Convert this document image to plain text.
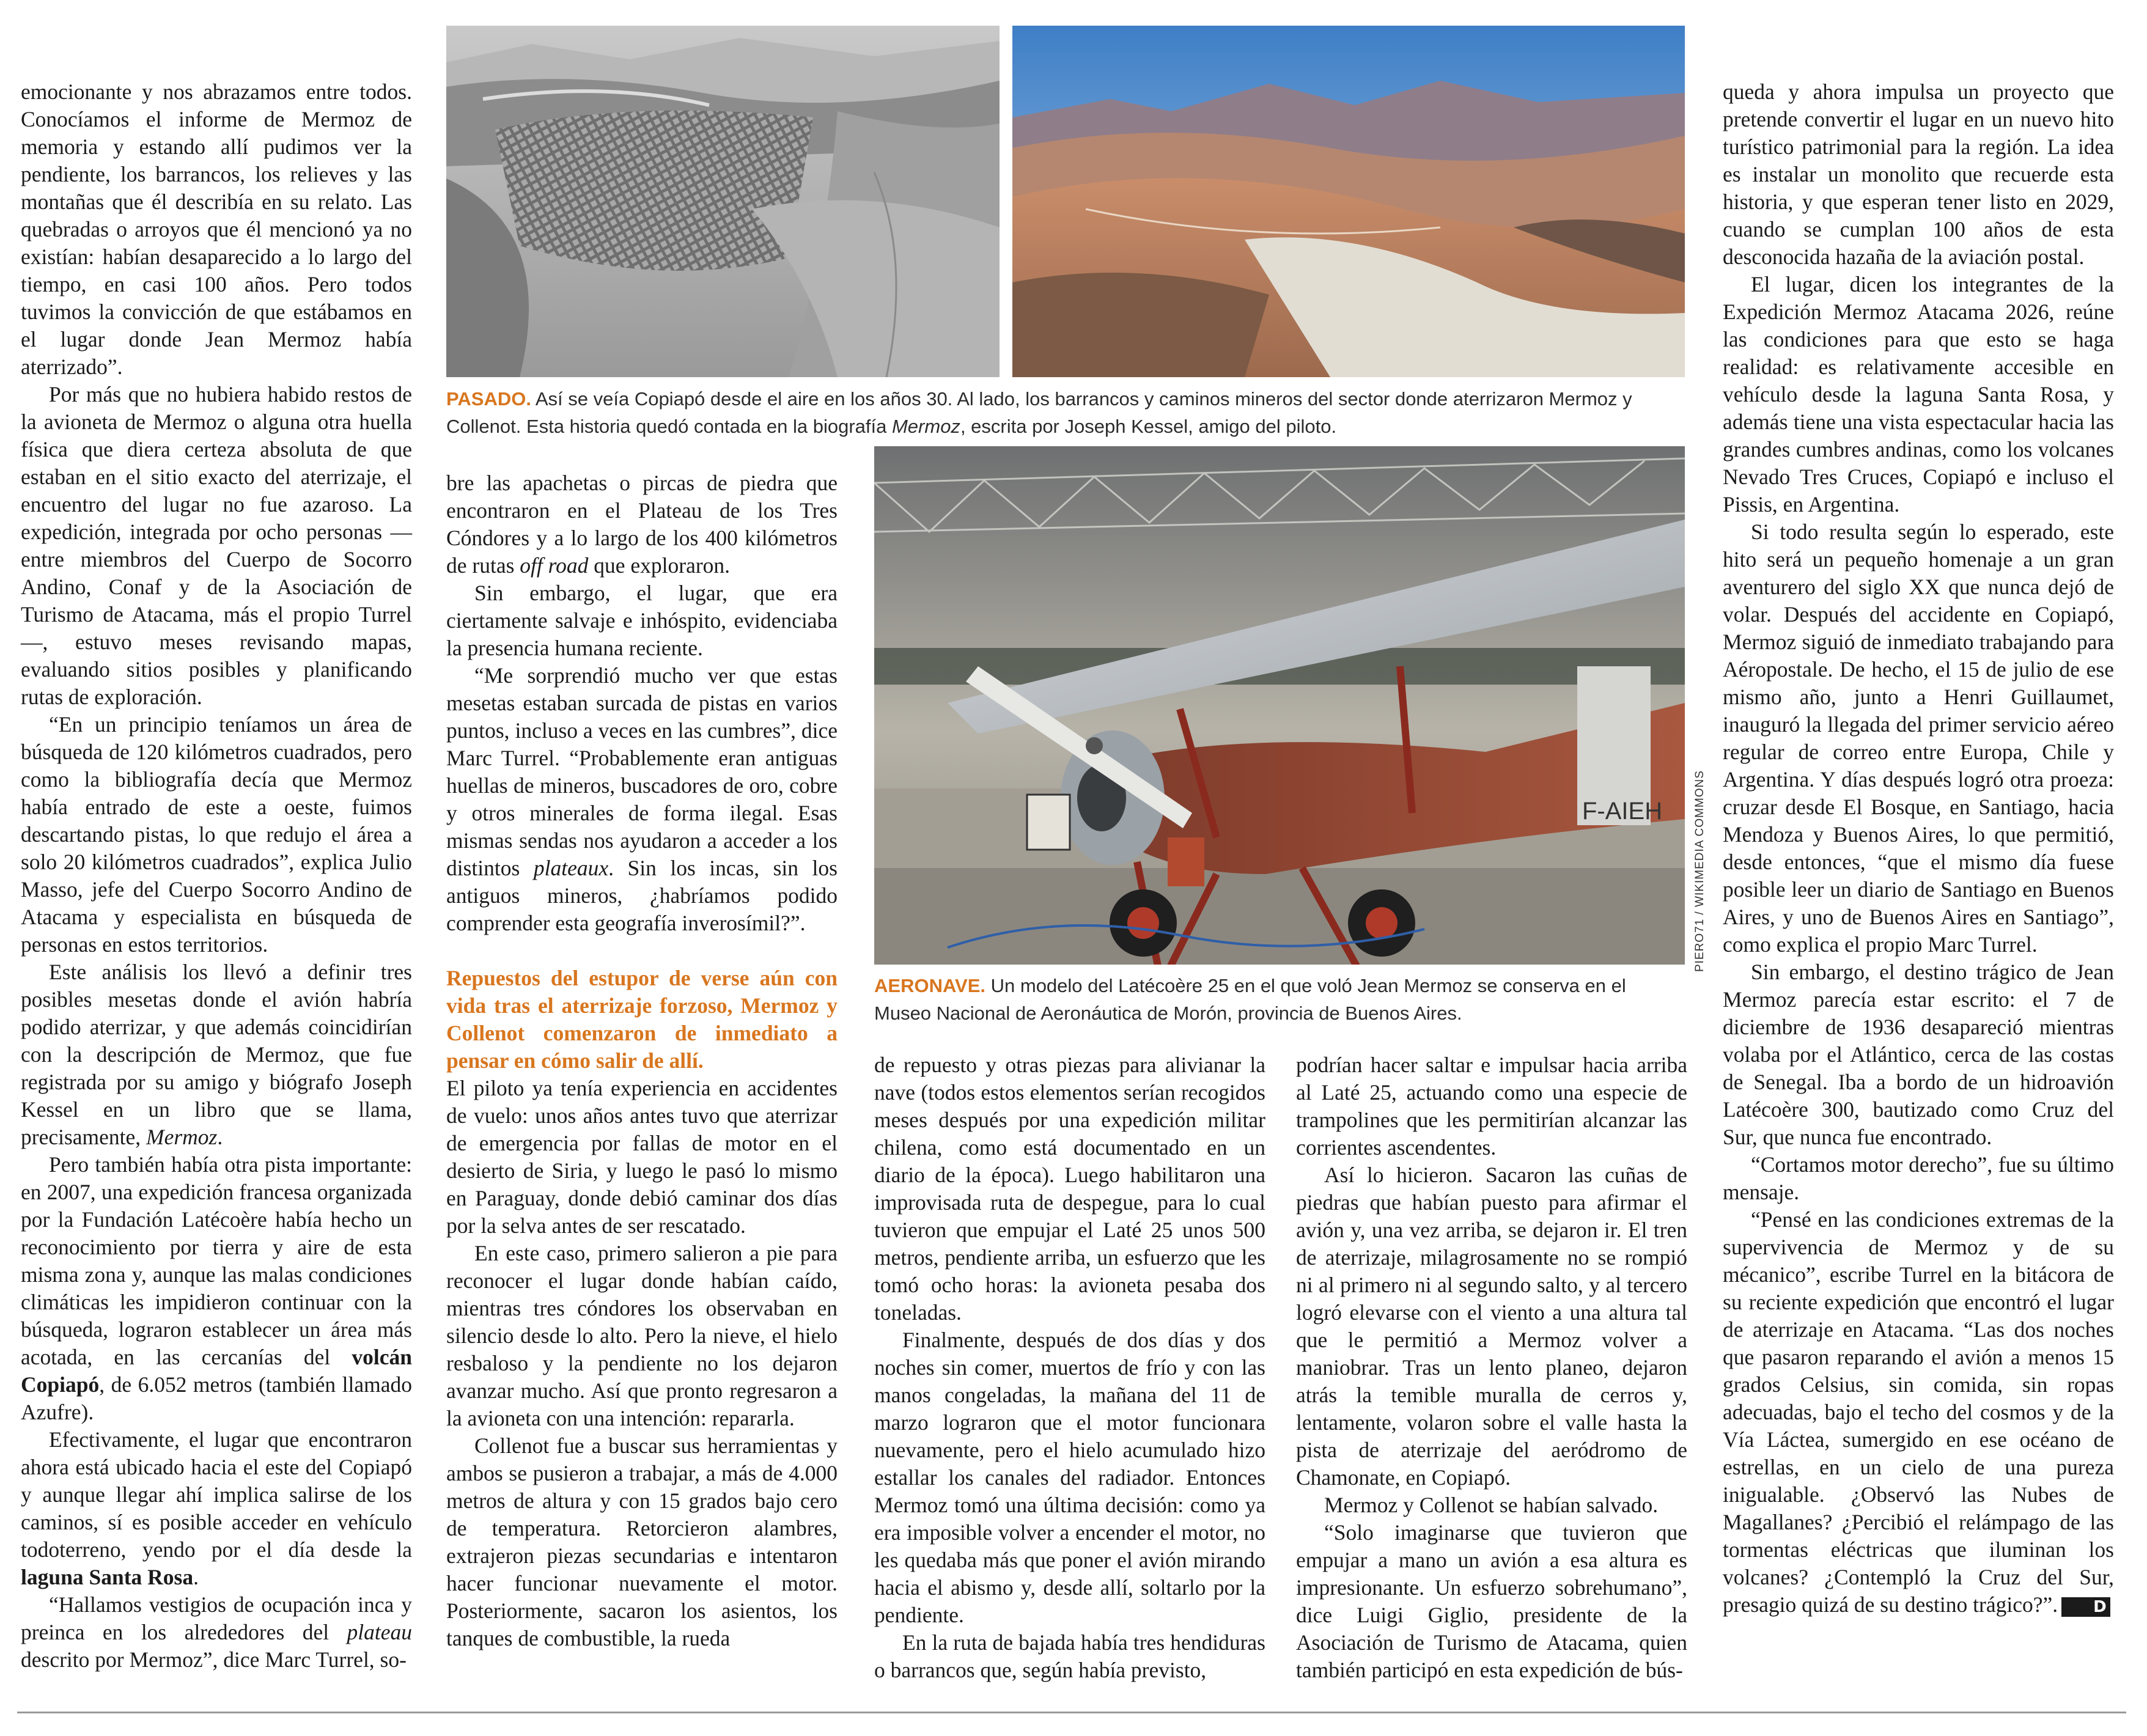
emocionante y nos abrazamos entre todos. Conocíamos el informe de Mermoz de memoria y estando allí pudimos ver la pendiente, los barrancos, los relieves y las montañas que él describía en su relato. Las quebradas o arroyos que él mencionó ya no existían: habían desaparecido a lo largo del tiempo, en casi 100 años. Pero todos tuvimos la convicción de que estábamos en el lugar donde Jean Mermoz había aterrizado”.

Por más que no hubiera habido restos de la avioneta de Mermoz o alguna otra huella física que diera certeza absoluta de que estaban en el sitio exacto del aterrizaje, el encuentro del lugar no fue azaroso. La expedición, integrada por ocho personas —entre miembros del Cuerpo de Socorro Andino, Conaf y de la Asociación de Turismo de Atacama, más el propio Turrel—, estuvo meses revisando mapas, evaluando sitios posibles y planificando rutas de exploración.

“En un principio teníamos un área de búsqueda de 120 kilómetros cuadrados, pero como la bibliografía decía que Mermoz había entrado de este a oeste, fuimos descartando pistas, lo que redujo el área a solo 20 kilómetros cuadrados”, explica Julio Masso, jefe del Cuerpo Socorro Andino de Atacama y especialista en búsqueda de personas en estos territorios.

Este análisis los llevó a definir tres posibles mesetas donde el avión habría podido aterrizar, y que además coincidirían con la descripción de Mermoz, que fue registrada por su amigo y biógrafo Joseph Kessel en un libro que se llama, precisamente, Mermoz.

Pero también había otra pista importante: en 2007, una expedición francesa organizada por la Fundación Latécoère había hecho un reconocimiento por tierra y aire de esta misma zona y, aunque las malas condiciones climáticas les impidieron continuar con la búsqueda, lograron establecer un área más acotada, en las cercanías del volcán Copiapó, de 6.052 metros (también llamado Azufre).

Efectivamente, el lugar que encontraron ahora está ubicado hacia el este del Copiapó y aunque llegar ahí implica salirse de los caminos, sí es posible acceder en vehículo todoterreno, yendo por el día desde la laguna Santa Rosa.

“Hallamos vestigios de ocupación inca y preinca en los alrededores del plateau descrito por Mermoz”, dice Marc Turrel, so-

PASADO. Así se veía Copiapó desde el aire en los años 30. Al lado, los barrancos y caminos mineros del sector donde aterrizaron Mermoz y Collenot. Esta historia quedó contada en la biografía Mermoz, escrita por Joseph Kessel, amigo del piloto.

bre las apachetas o pircas de piedra que encontraron en el Plateau de los Tres Cóndores y a lo largo de los 400 kilómetros de rutas off road que exploraron.

Sin embargo, el lugar, que era ciertamente salvaje e inhóspito, evidenciaba la presencia humana reciente.

“Me sorprendió mucho ver que estas mesetas estaban surcada de pistas en varios puntos, incluso a veces en las cumbres”, dice Marc Turrel. “Probablemente eran antiguas huellas de mineros, buscadores de oro, cobre y otros minerales de forma ilegal. Esas mismas sendas nos ayudaron a acceder a los distintos plateaux. Sin los incas, sin los antiguos mineros, ¿habríamos podido comprender esta geografía inverosímil?”.

Repuestos del estupor de verse aún con vida tras el aterrizaje forzoso, Mermoz y Collenot comenzaron de inmediato a pensar en cómo salir de allí.

El piloto ya tenía experiencia en accidentes de vuelo: unos años antes tuvo que aterrizar de emergencia por fallas de motor en el desierto de Siria, y luego le pasó lo mismo en Paraguay, donde debió caminar dos días por la selva antes de ser rescatado.

En este caso, primero salieron a pie para reconocer el lugar donde habían caído, mientras tres cóndores los observaban en silencio desde lo alto. Pero la nieve, el hielo resbaloso y la pendiente no los dejaron avanzar mucho. Así que pronto regresaron a la avioneta con una intención: repararla.

Collenot fue a buscar sus herramientas y ambos se pusieron a trabajar, a más de 4.000 metros de altura y con 15 grados bajo cero de temperatura. Retorcieron alambres, extrajeron piezas secundarias e intentaron hacer funcionar nuevamente el motor. Posteriormente, sacaron los asientos, los tanques de combustible, la rueda

F-AIEH	PIERO71 / WIKIMEDIA COMMONS
AERONAVE. Un modelo del Latécoère 25 en el que voló Jean Mermoz se conserva en el Museo Nacional de Aeronáutica de Morón, provincia de Buenos Aires.

de repuesto y otras piezas para alivianar la nave (todos estos elementos serían recogidos meses después por una expedición militar chilena, como está documentado en un diario de la época). Luego habilitaron una improvisada ruta de despegue, para lo cual tuvieron que empujar el Laté 25 unos 500 metros, pendiente arriba, un esfuerzo que les tomó ocho horas: la avioneta pesaba dos toneladas.

Finalmente, después de dos días y dos noches sin comer, muertos de frío y con las manos congeladas, la mañana del 11 de marzo lograron que el motor funcionara nuevamente, pero el hielo acumulado hizo estallar los canales del radiador. Entonces Mermoz tomó una última decisión: como ya era imposible volver a encender el motor, no les quedaba más que poner el avión mirando hacia el abismo y, desde allí, soltarlo por la pendiente.

En la ruta de bajada había tres hendiduras o barrancos que, según había previsto,

podrían hacer saltar e impulsar hacia arriba al Laté 25, actuando como una especie de trampolines que les permitirían alcanzar las corrientes ascendentes.

Así lo hicieron. Sacaron las cuñas de piedras que habían puesto para afirmar el avión y, una vez arriba, se dejaron ir. El tren de aterrizaje, milagrosamente no se rompió ni al primero ni al segundo salto, y al tercero logró elevarse con el viento a una altura tal que le permitió a Mermoz volver a maniobrar. Tras un lento planeo, dejaron atrás la temible muralla de cerros y, lentamente, volaron sobre el valle hasta la pista de aterrizaje del aeródromo de Chamonate, en Copiapó.

Mermoz y Collenot se habían salvado.

“Solo imaginarse que tuvieron que empujar a mano un avión a esa altura es impresionante. Un esfuerzo sobrehumano”, dice Luigi Giglio, presidente de la Asociación de Turismo de Atacama, quien también participó en esta expedición de bús-

queda y ahora impulsa un proyecto que pretende convertir el lugar en un nuevo hito turístico patrimonial para la región. La idea es instalar un monolito que recuerde esta historia, y que esperan tener listo en 2029, cuando se cumplan 100 años de esta desconocida hazaña de la aviación postal.

El lugar, dicen los integrantes de la Expedición Mermoz Atacama 2026, reúne las condiciones para que esto se haga realidad: es relativamente accesible en vehículo desde la laguna Santa Rosa, y además tiene una vista espectacular hacia las grandes cumbres andinas, como los volcanes Nevado Tres Cruces, Copiapó e incluso el Pissis, en Argentina.

Si todo resulta según lo esperado, este hito será un pequeño homenaje a un gran aventurero del siglo XX que nunca dejó de volar. Después del accidente en Copiapó, Mermoz siguió de inmediato trabajando para Aéropostale. De hecho, el 15 de julio de ese mismo año, junto a Henri Guillaumet, inauguró la llegada del primer servicio aéreo regular de correo entre Europa, Chile y Argentina. Y días después logró otra proeza: cruzar desde El Bosque, en Santiago, hacia Mendoza y Buenos Aires, lo que permitió, desde entonces, “que el mismo día fuese posible leer un diario de Santiago en Buenos Aires, y uno de Buenos Aires en Santiago”, como explica el propio Marc Turrel.

Sin embargo, el destino trágico de Jean Mermoz parecía estar escrito: el 7 de diciembre de 1936 desapareció mientras volaba por el Atlántico, cerca de las costas de Senegal. Iba a bordo de un hidroavión Latécoère 300, bautizado como Cruz del Sur, que nunca fue encontrado.

“Cortamos motor derecho”, fue su último mensaje.

“Pensé en las condiciones extremas de la supervivencia de Mermoz y de su mécanico”, escribe Turrel en la bitácora de su reciente expedición que encontró el lugar de aterrizaje en Atacama. “Las dos noches que pasaron reparando el avión a menos 15 grados Celsius, sin comida, sin ropas adecuadas, bajo el techo del cosmos y de la Vía Láctea, sumergido en ese océano de estrellas, en un cielo de una pureza inigualable. ¿Observó las Nubes de Magallanes? ¿Percibió el relámpago de las tormentas eléctricas que iluminan los volcanes? ¿Contempló la Cruz del Sur, presagio quizá de su destino trágico?”. D
